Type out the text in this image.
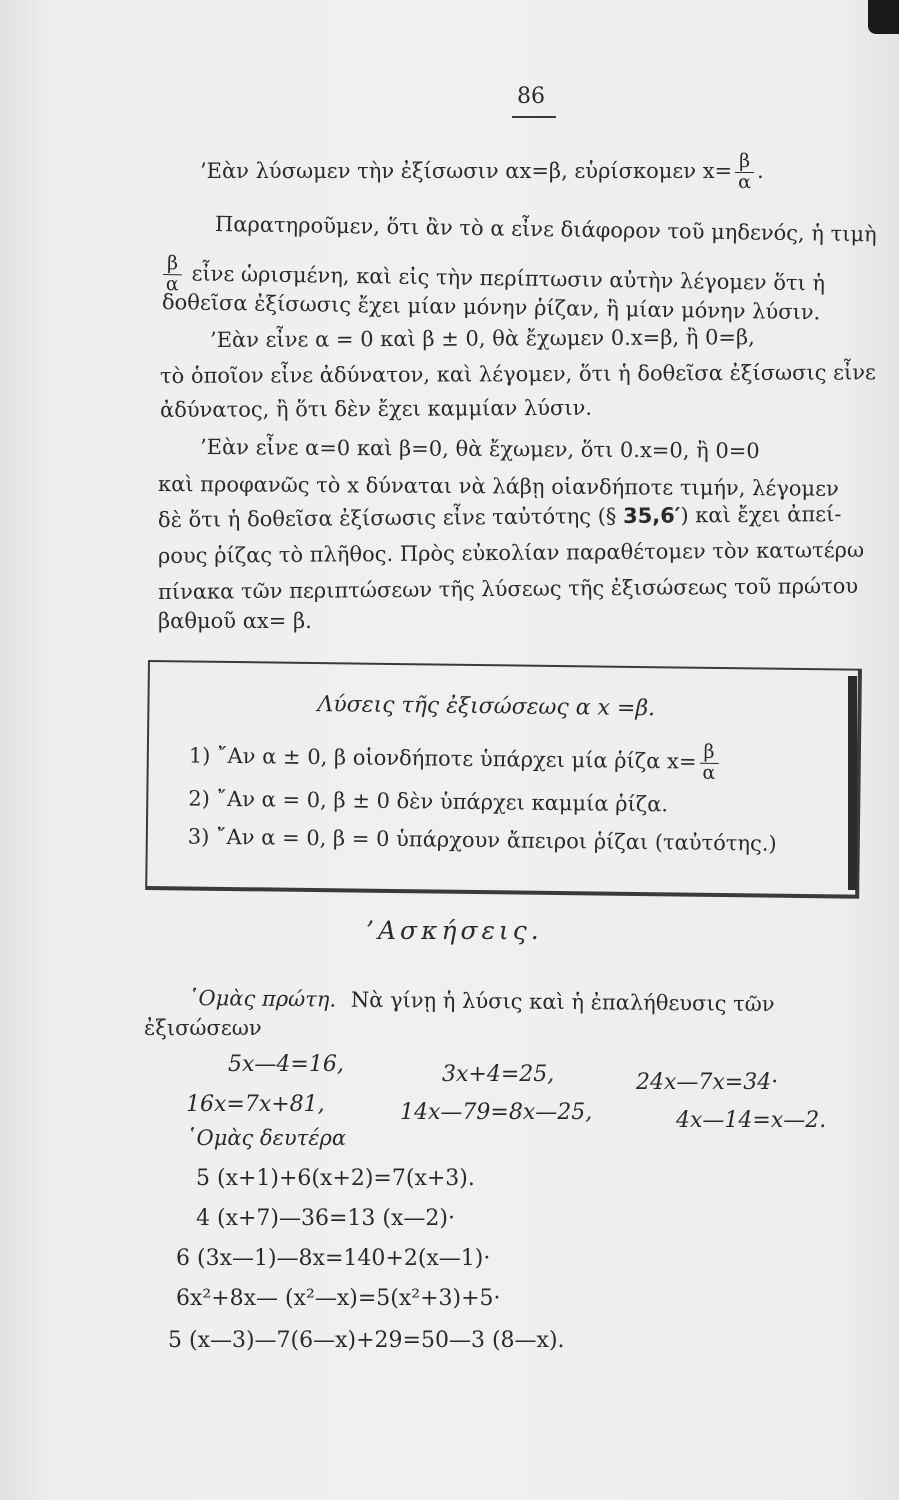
86
’Εὰν λύσωμεν τὴν ἐξίσωσιν αx=β, εὑρίσκομεν $x= \frac{\beta}{\alpha}$ .
Παρατηροῦμεν, ὅτι ἂν τὸ α εἶνε διάφορον τοῦ μηδενός, ἡ τιμὴ
$\frac{\beta}{\alpha}$ εἶνε ὡρισμένη, καὶ εἰς τὴν περίπτωσιν αὐτὴν λέγομεν ὅτι ἡ
δοθεῖσα ἐξίσωσις ἔχει μίαν μόνην ῥίζαν, ἢ μίαν μόνην λύσιν.
’Εὰν εἶνε α = 0 καὶ β ± 0, θὰ ἔχωμεν 0.x=β, ἢ 0=β,
τὸ ὁποῖον εἶνε ἀδύνατον, καὶ λέγομεν, ὅτι ἡ δοθεῖσα ἐξίσωσις εἶνε
ἀδύνατος, ἢ ὅτι δὲν ἔχει καμμίαν λύσιν.
’Εὰν εἶνε α=0 καὶ β=0, θὰ ἔχωμεν, ὅτι 0.x=0, ἢ 0=0
καὶ προφανῶς τὸ x δύναται νὰ λάβῃ οἱανδήποτε τιμήν, λέγομεν
δὲ ὅτι ἡ δοθεῖσα ἐξίσωσις εἶνε ταὐτότης (§ 35,6′) καὶ ἔχει ἀπεί-
ρους ῥίζας τὸ πλῆθος. Πρὸς εὐκολίαν παραθέτομεν τὸν κατωτέρω
πίνακα τῶν περιπτώσεων τῆς λύσεως τῆς ἐξισώσεως τοῦ πρώτου
βαθμοῦ αx= β.
Λύσεις τῆς ἐξισώσεως α x =β.
1) ῎Αν α ± 0, β οἱονδήποτε ὑπάρχει μία ῥίζα $x= \frac{\beta}{\alpha}$
2) ῎Αν α = 0, β ± 0 δὲν ὑπάρχει καμμία ῥίζα.
3) ῎Αν α = 0, β = 0 ὑπάρχουν ἄπειροι ῥίζαι (ταὐτότης.)
’Ασκήσεις.
῾Ομὰς πρώτη. Νὰ γίνῃ ἡ λύσις καὶ ἡ ἐπαλήθευσις τῶν
ἐξισώσεων
5x—4=16,	3x+4=25,	24x—7x=34·
16x=7x+81,	14x—79=8x—25,	4x—14=x—2.
῾Ομὰς δευτέρα
5 (x+1)+6(x+2)=7(x+3).
4 (x+7)—36=13 (x—2)·
6 (3x—1)—8x=140+2(x—1)·
6x²+8x— (x²—x)=5(x²+3)+5·
5 (x—3)—7(6—x)+29=50—3 (8—x).
